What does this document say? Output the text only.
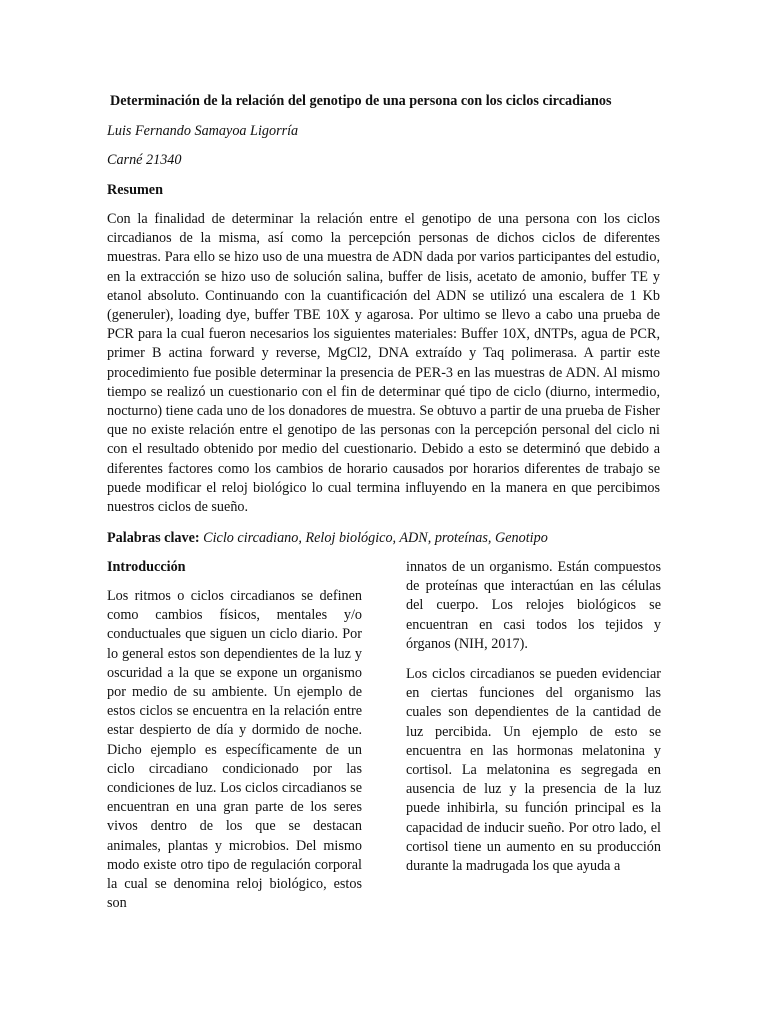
Determinación de la relación del genotipo de una persona con los ciclos circadianos
Luis Fernando Samayoa Ligorría
Carné 21340
Resumen

Con la finalidad de determinar la relación entre el genotipo de una persona con los ciclos circadianos de la misma, así como la percepción personas de dichos ciclos de diferentes muestras. Para ello se hizo uso de una muestra de ADN dada por varios participantes del estudio, en la extracción se hizo uso de solución salina, buffer de lisis, acetato de amonio, buffer TE y etanol absoluto. Continuando con la cuantificación del ADN se utilizó una escalera de 1 Kb (generuler), loading dye, buffer TBE 10X y agarosa. Por ultimo se llevo a cabo una prueba de PCR para la cual fueron necesarios los siguientes materiales: Buffer 10X, dNTPs, agua de PCR, primer B actina forward y reverse, MgCl2, DNA extraído y Taq polimerasa. A partir este procedimiento fue posible determinar la presencia de PER-3 en las muestras de ADN. Al mismo tiempo se realizó un cuestionario con el fin de determinar qué tipo de ciclo (diurno, intermedio, nocturno) tiene cada uno de los donadores de muestra. Se obtuvo a partir de una prueba de Fisher que no existe relación entre el genotipo de las personas con la percepción personal del ciclo ni con el resultado obtenido por medio del cuestionario. Debido a esto se determinó que debido a diferentes factores como los cambios de horario causados por horarios diferentes de trabajo se puede modificar el reloj biológico lo cual termina influyendo en la manera en que percibimos nuestros ciclos de sueño.

Palabras clave: Ciclo circadiano, Reloj biológico, ADN, proteínas, Genotipo
Introducción

Los ritmos o ciclos circadianos se definen como cambios físicos, mentales y/o conductuales que siguen un ciclo diario. Por lo general estos son dependientes de la luz y oscuridad a la que se expone un organismo por medio de su ambiente. Un ejemplo de estos ciclos se encuentra en la relación entre estar despierto de día y dormido de noche. Dicho ejemplo es específicamente de un ciclo circadiano condicionado por las condiciones de luz. Los ciclos circadianos se encuentran en una gran parte de los seres vivos dentro de los que se destacan animales, plantas y microbios. Del mismo modo existe otro tipo de regulación corporal la cual se denomina reloj biológico, estos son

innatos de un organismo. Están compuestos de proteínas que interactúan en las células del cuerpo. Los relojes biológicos se encuentran en casi todos los tejidos y órganos (NIH, 2017).

Los ciclos circadianos se pueden evidenciar en ciertas funciones del organismo las cuales son dependientes de la cantidad de luz percibida. Un ejemplo de esto se encuentra en las hormonas melatonina y cortisol. La melatonina es segregada en ausencia de luz y la presencia de la luz puede inhibirla, su función principal es la capacidad de inducir sueño. Por otro lado, el cortisol tiene un aumento en su producción durante la madrugada los que ayuda a
